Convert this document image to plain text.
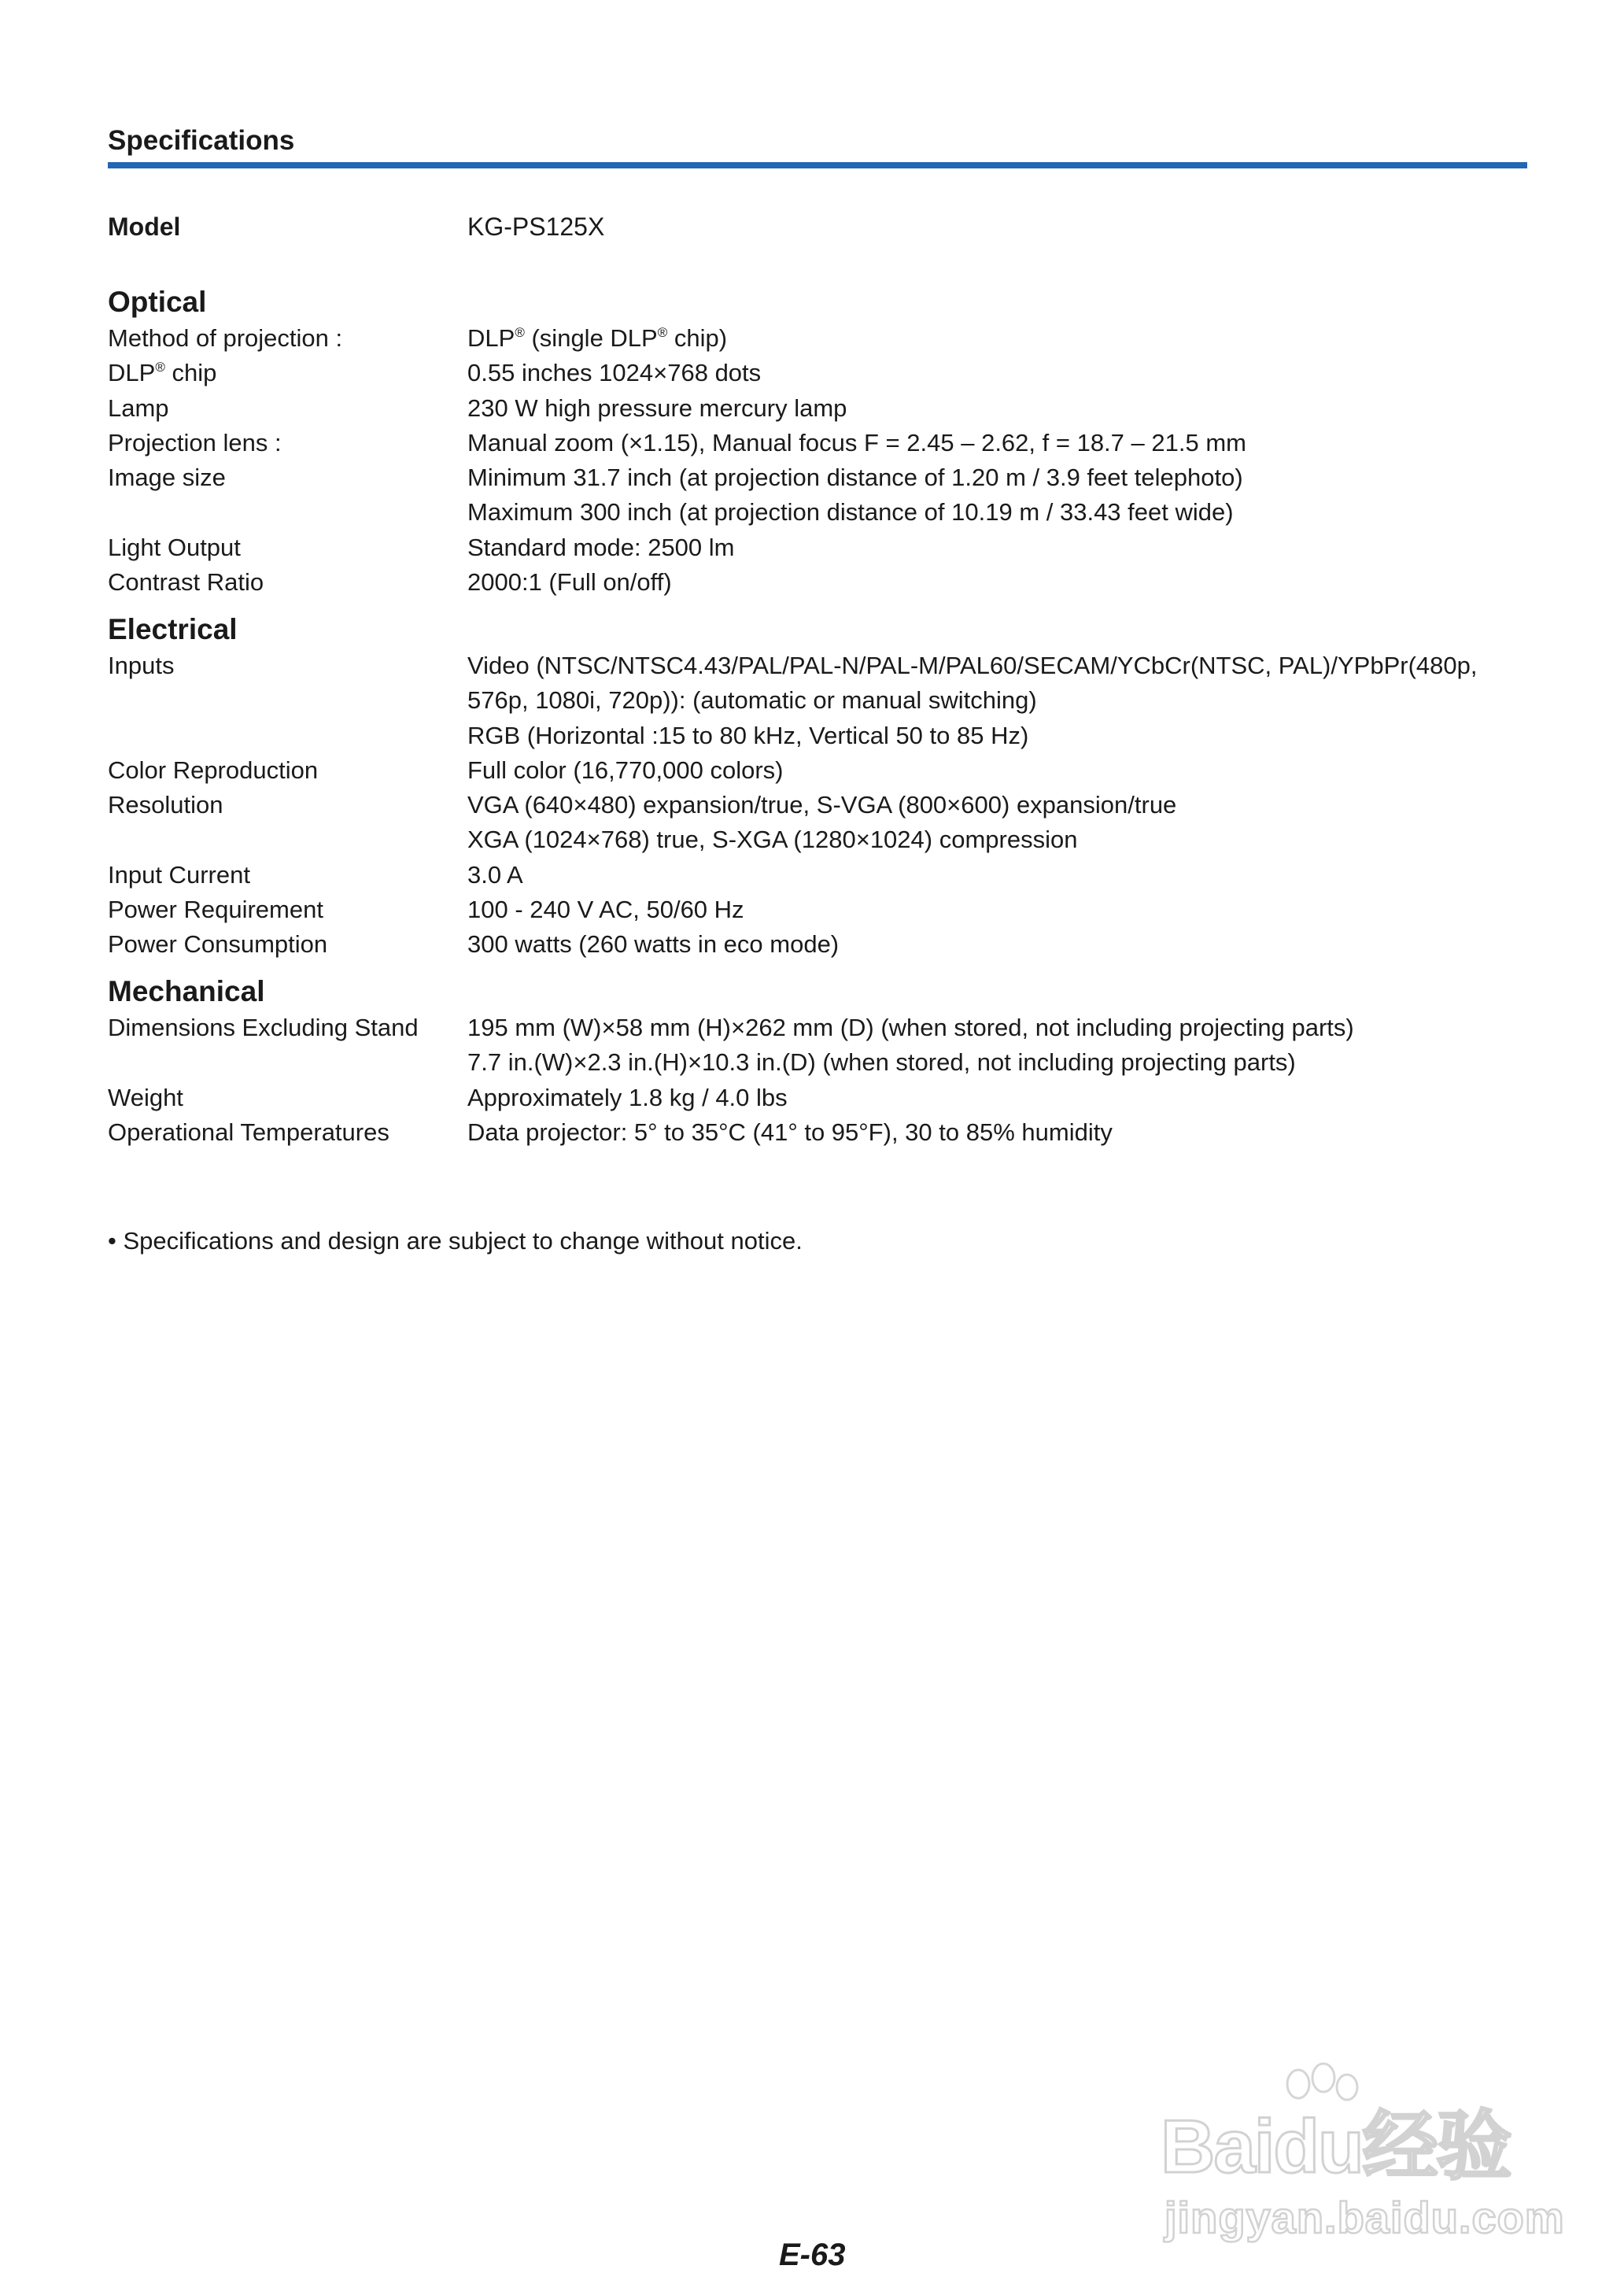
Specifications
Model	KG-PS125X
Optical
Method of projection :	DLP® (single DLP® chip)
DLP® chip	0.55 inches 1024×768 dots
Lamp	230 W high pressure mercury lamp
Projection lens :	Manual zoom (×1.15), Manual focus F = 2.45 – 2.62, f = 18.7 – 21.5 mm
Image size	Minimum 31.7 inch (at projection distance of 1.20 m / 3.9 feet telephoto)
Maximum 300 inch (at projection distance of 10.19 m / 33.43 feet wide)
Light Output	Standard mode: 2500 lm
Contrast Ratio	2000:1 (Full on/off)
Electrical
Inputs	Video (NTSC/NTSC4.43/PAL/PAL-N/PAL-M/PAL60/SECAM/YCbCr(NTSC, PAL)/YPbPr(480p,
576p, 1080i, 720p)): (automatic or manual switching)
RGB (Horizontal :15 to 80 kHz, Vertical 50 to 85 Hz)
Color Reproduction	Full color (16,770,000 colors)
Resolution	VGA (640×480) expansion/true, S-VGA (800×600) expansion/true
XGA (1024×768) true, S-XGA (1280×1024) compression
Input Current	3.0 A
Power Requirement	100 - 240 V AC, 50/60 Hz
Power Consumption	300 watts (260 watts in eco mode)
Mechanical
Dimensions Excluding Stand 195 mm (W)×58 mm (H)×262 mm (D) (when stored, not including projecting parts)
7.7 in.(W)×2.3 in.(H)×10.3 in.(D) (when stored, not including projecting parts)
Weight	Approximately 1.8 kg / 4.0 lbs
Operational Temperatures	Data projector: 5° to 35°C (41° to 95°F), 30 to 85% humidity
• Specifications and design are subject to change without notice.
Baidu经验
jingyan.baidu.com
E-63
